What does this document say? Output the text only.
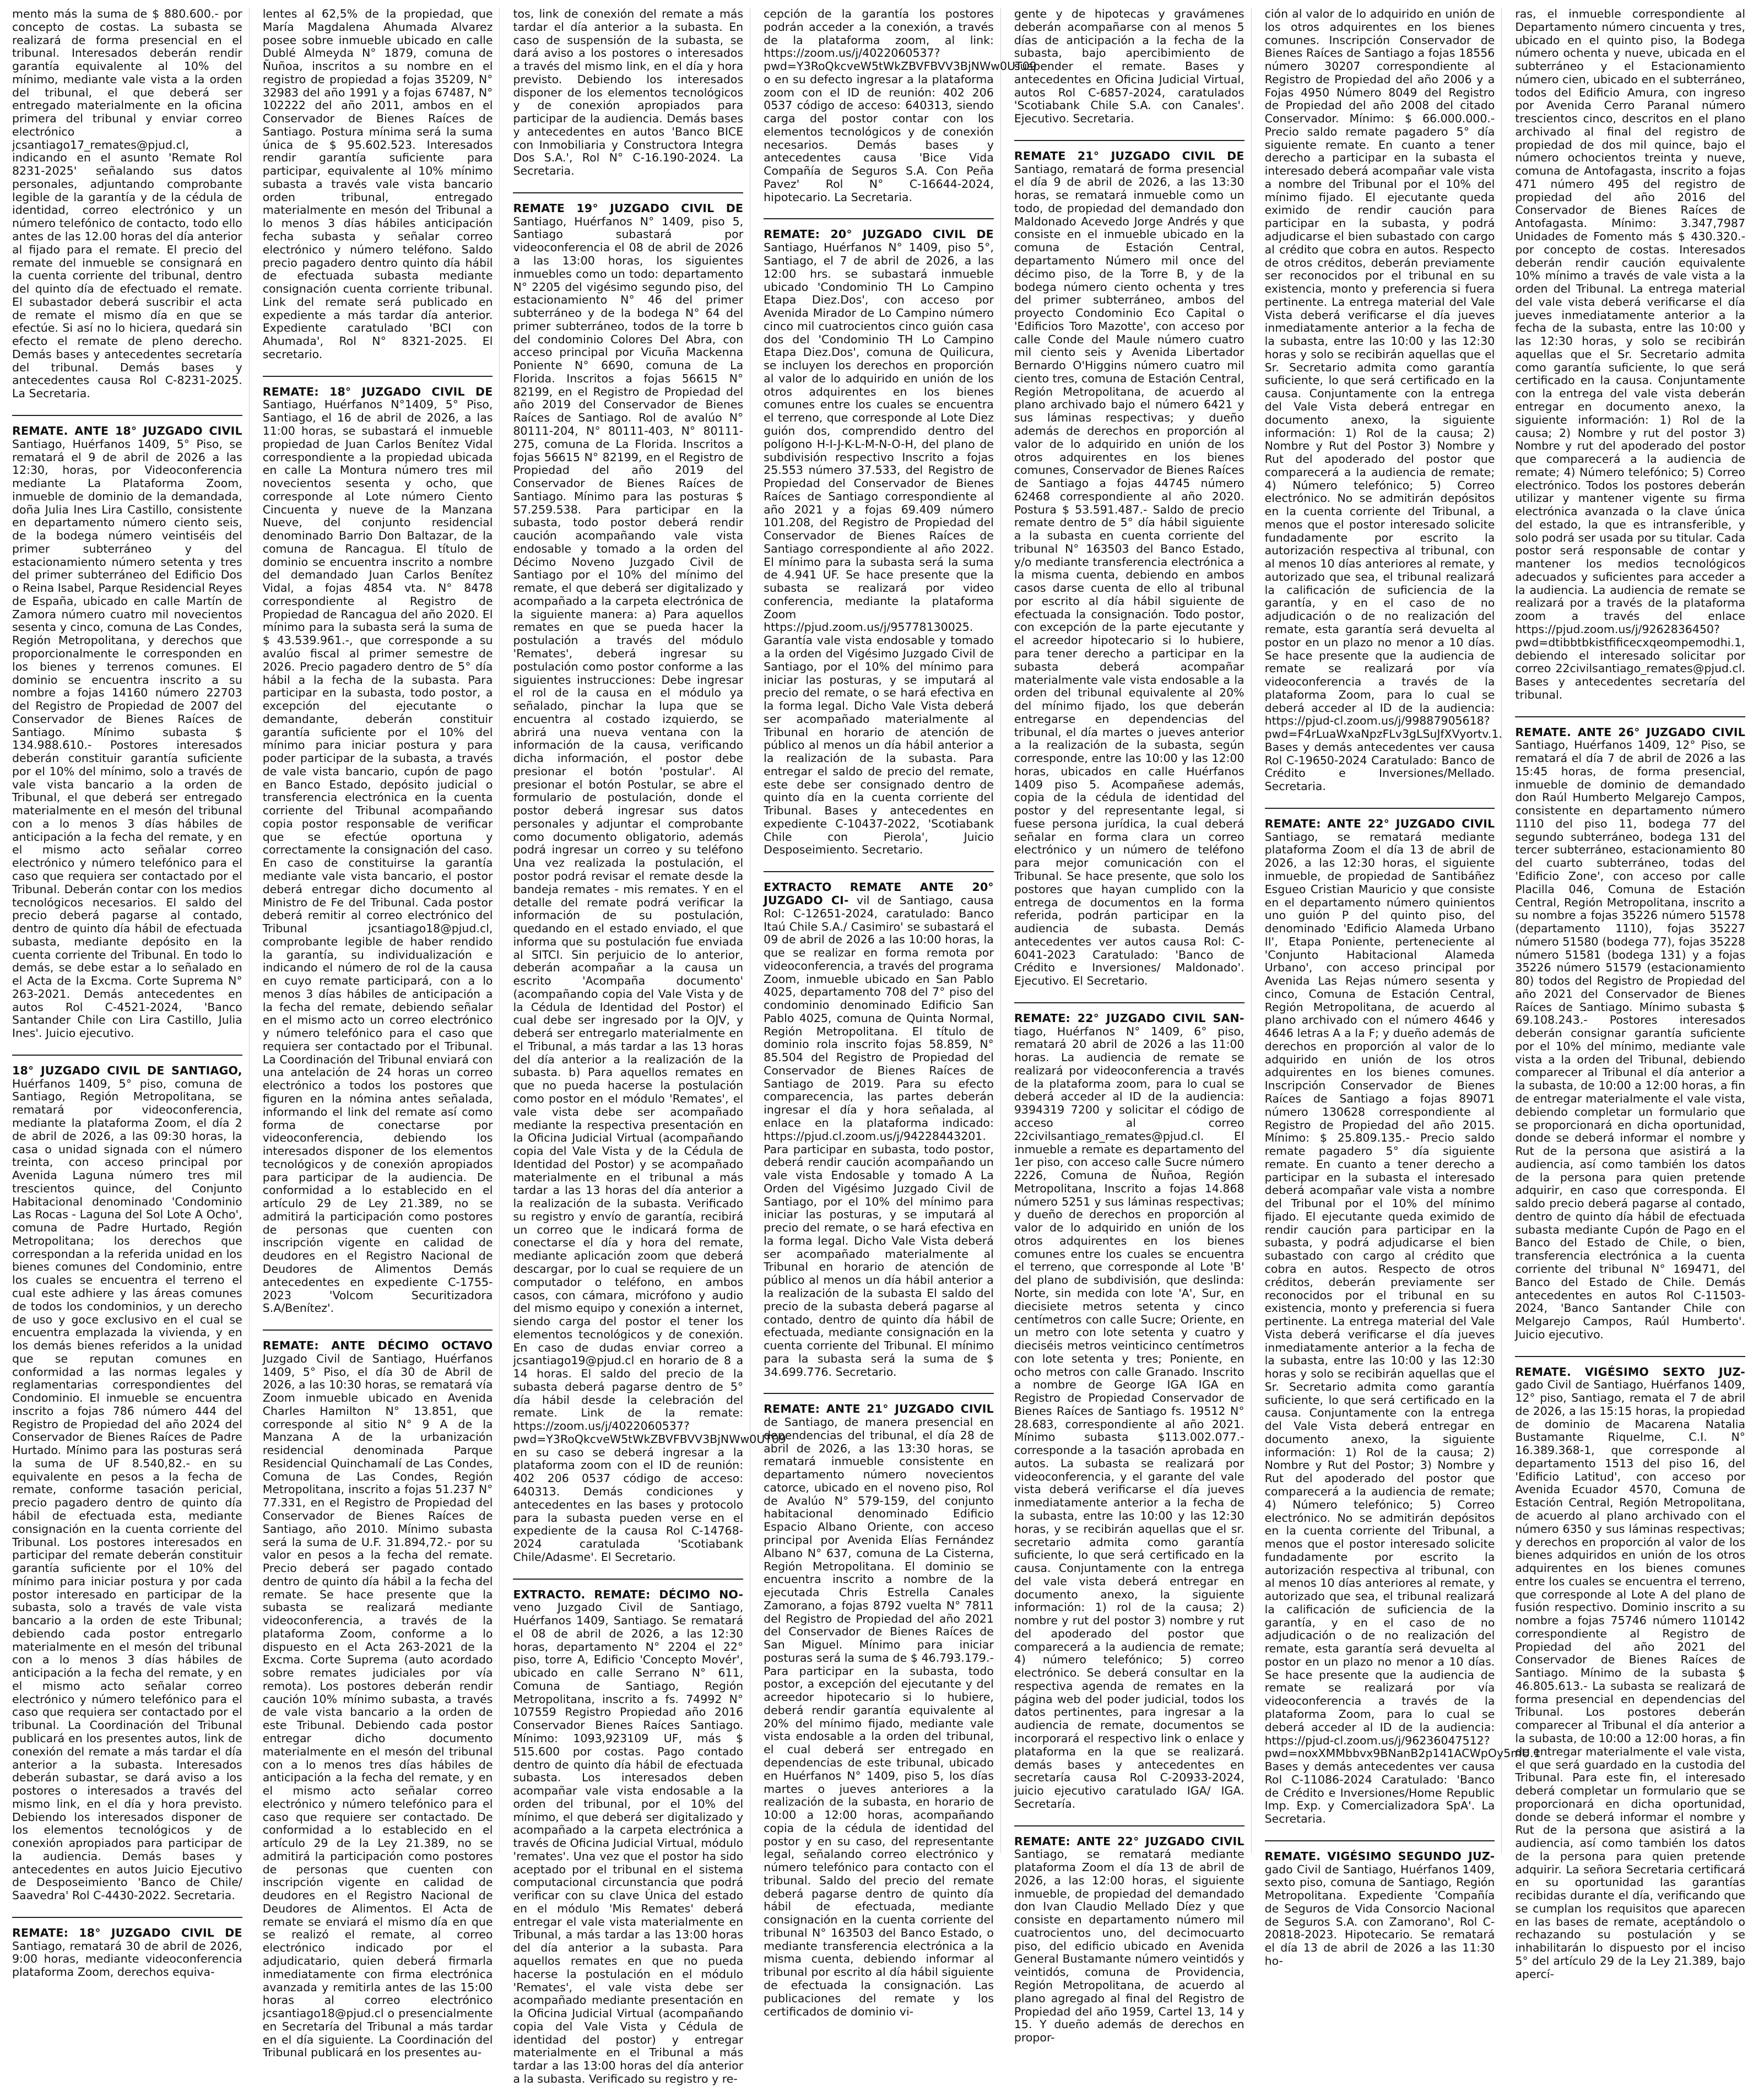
mento más la suma de $ 880.600.- por concepto de costas. La subasta se realizará de forma presencial en el tribunal. Interesados deberán rendir garantía equivalente al 10% del mínimo, mediante vale vista a la orden del tribunal, el que deberá ser entregado materialmente en la oficina primera del tribunal y enviar correo electrónico a jcsantiago17_remates@pjud.cl, indicando en el asunto 'Remate Rol 8231-2025' señalando sus datos personales, adjuntando comprobante legible de la garantía y de la cédula de identidad, correo electrónico y un número telefónico de contacto, todo ello antes de las 12.00 horas del día anterior al fijado para el remate. El precio del remate del inmueble se consignará en la cuenta corriente del tribunal, dentro del quinto día de efectuado el remate. El subastador deberá suscribir el acta de remate el mismo día en que se efectúe. Si así no lo hiciera, quedará sin efecto el remate de pleno derecho. Demás bases y antecedentes secretaría del tribunal. Demás bases y antecedentes causa Rol C-8231-2025. La Secretaria.

REMATE. ANTE 18° JUZGADO CIVIL Santiago, Huérfanos 1409, 5° Piso, se rematará el 9 de abril de 2026 a las 12:30, horas, por Videoconferencia mediante La Plataforma Zoom, inmueble de dominio de la demandada, doña Julia Ines Lira Castillo, consistente en departamento número ciento seis, de la bodega número veintiséis del primer subterráneo y del estacionamiento número setenta y tres del primer subterráneo del Edificio Dos o Reina Isabel, Parque Residencial Reyes de España, ubicado en calle Martín de Zamora número cuatro mil novecientos sesenta y cinco, comuna de Las Condes, Región Metropolitana, y derechos que proporcionalmente le corresponden en los bienes y terrenos comunes. El dominio se encuentra inscrito a su nombre a fojas 14160 número 22703 del Registro de Propiedad de 2007 del Conservador de Bienes Raíces de Santiago. Mínimo subasta $ 134.988.610.- Postores interesados deberán constituir garantía suficiente por el 10% del mínimo, solo a través de vale vista bancario a la orden de Tribunal, el que deberá ser entregado materialmente en el mesón del tribunal con a lo menos 3 días hábiles de anticipación a la fecha del remate, y en el mismo acto señalar correo electrónico y número telefónico para el caso que requiera ser contactado por el Tribunal. Deberán contar con los medios tecnológicos necesarios. El saldo del precio deberá pagarse al contado, dentro de quinto día hábil de efectuada subasta, mediante depósito en la cuenta corriente del Tribunal. En todo lo demás, se debe estar a lo señalado en el Acta de la Excma. Corte Suprema N° 263-2021. Demás antecedentes en autos Rol C-4521-2024, 'Banco Santander Chile con Lira Castillo, Julia Ines'. Juicio ejecutivo.

18° JUZGADO CIVIL DE SANTIAGO, Huérfanos 1409, 5° piso, comuna de Santiago, Región Metropolitana, se rematará por videoconferencia, mediante la plataforma Zoom, el día 2 de abril de 2026, a las 09:30 horas, la casa o unidad signada con el número treinta, con acceso principal por Avenida Laguna número tres mil trescientos quince, del Conjunto Habitacional denominado 'Condominio Las Rocas - Laguna del Sol Lote A Ocho', comuna de Padre Hurtado, Región Metropolitana; los derechos que correspondan a la referida unidad en los bienes comunes del Condominio, entre los cuales se encuentra el terreno el cual este adhiere y las áreas comunes de todos los condominios, y un derecho de uso y goce exclusivo en el cual se encuentra emplazada la vivienda, y en los demás bienes referidos a la unidad que se reputan comunes en conformidad a las normas legales y reglamentarias correspondientes del Condominio. El inmueble se encuentra inscrito a fojas 786 número 444 del Registro de Propiedad del año 2024 del Conservador de Bienes Raíces de Padre Hurtado. Mínimo para las posturas será la suma de UF 8.540,82.- en su equivalente en pesos a la fecha de remate, conforme tasación pericial, precio pagadero dentro de quinto día hábil de efectuada esta, mediante consignación en la cuenta corriente del Tribunal. Los postores interesados en participar del remate deberán constituir garantía suficiente por el 10% del mínimo para iniciar postura y por cada postor interesado en participar de la subasta, solo a través de vale vista bancario a la orden de este Tribunal; debiendo cada postor entregarlo materialmente en el mesón del tribunal con a lo menos 3 días hábiles de anticipación a la fecha del remate, y en el mismo acto señalar correo electrónico y número telefónico para el caso que requiera ser contactado por el tribunal. La Coordinación del Tribunal publicará en los presentes autos, link de conexión del remate a más tardar el día anterior a la subasta. Interesados deberán subastar, se dará aviso a los postores o interesados a través del mismo link, en el día y hora previsto. Debiendo los interesados disponer de los elementos tecnológicos y de conexión apropiados para participar de la audiencia. Demás bases y antecedentes en autos Juicio Ejecutivo de Desposeimiento 'Banco de Chile/ Saavedra' Rol C-4430-2022. Secretaria.

REMATE: 18° JUZGADO CIVIL DE Santiago, rematará 30 de abril de 2026, 9:00 horas, mediante videoconferencia plataforma Zoom, derechos equiva-

lentes al 62,5% de la propiedad, que María Magdalena Ahumada Alvarez posee sobre inmueble ubicado en calle Dublé Almeyda N° 1879, comuna de Ñuñoa, inscritos a su nombre en el registro de propiedad a fojas 35209, N° 32983 del año 1991 y a fojas 67487, N° 102222 del año 2011, ambos en el Conservador de Bienes Raíces de Santiago. Postura mínima será la suma única de $ 95.602.523. Interesados rendir garantía suficiente para participar, equivalente al 10% mínimo subasta a través vale vista bancario orden tribunal, entregado materialmente en mesón del Tribunal a lo menos 3 días hábiles anticipación fecha subasta y señalar correo electrónico y número teléfono. Saldo precio pagadero dentro quinto día hábil de efectuada subasta mediante consignación cuenta corriente tribunal. Link del remate será publicado en expediente a más tardar día anterior. Expediente caratulado 'BCI con Ahumada', Rol N° 8321-2025. El secretario.

REMATE: 18° JUZGADO CIVIL DE Santiago, Huérfanos N°1409, 5° Piso, Santiago, el 16 de abril de 2026, a las 11:00 horas, se subastará el inmueble propiedad de Juan Carlos Benítez Vidal correspondiente a la propiedad ubicada en calle La Montura número tres mil novecientos sesenta y ocho, que corresponde al Lote número Ciento Cincuenta y nueve de la Manzana Nueve, del conjunto residencial denominado Barrio Don Baltazar, de la comuna de Rancagua. El título de dominio se encuentra inscrito a nombre del demandado Juan Carlos Benítez Vidal, a fojas 4854 vta. N° 8478 correspondiente al Registro de Propiedad de Rancagua del año 2020. El mínimo para la subasta será la suma de $ 43.539.961.-, que corresponde a su avalúo fiscal al primer semestre de 2026. Precio pagadero dentro de 5° día hábil a la fecha de la subasta. Para participar en la subasta, todo postor, a excepción del ejecutante o demandante, deberán constituir garantía suficiente por el 10% del mínimo para iniciar postura y para poder participar de la subasta, a través de vale vista bancario, cupón de pago en Banco Estado, depósito judicial o transferencia electrónica en la cuenta corriente del Tribunal acompañando copia postor responsable de verificar que se efectúe oportuna y correctamente la consignación del caso. En caso de constituirse la garantía mediante vale vista bancario, el postor deberá entregar dicho documento al Ministro de Fe del Tribunal. Cada postor deberá remitir al correo electrónico del Tribunal jcsantiago18@pjud.cl, comprobante legible de haber rendido la garantía, su individualización e indicando el número de rol de la causa en cuyo remate participará, con a lo menos 3 días hábiles de anticipación a la fecha del remate, debiendo señalar en el mismo acto un correo electrónico y número telefónico para el caso que requiera ser contactado por el Tribunal. La Coordinación del Tribunal enviará con una antelación de 24 horas un correo electrónico a todos los postores que figuren en la nómina antes señalada, informando el link del remate así como forma de conectarse por videoconferencia, debiendo los interesados disponer de los elementos tecnológicos y de conexión apropiados para participar de la audiencia. De conformidad a lo establecido en el artículo 29 de Ley 21.389, no se admitirá la participación como postores de personas que cuenten con inscripción vigente en calidad de deudores en el Registro Nacional de Deudores de Alimentos Demás antecedentes en expediente C-1755-2023 'Volcom Securitizadora S.A/Benítez'.

REMATE: ANTE DÉCIMO OCTAVO Juzgado Civil de Santiago, Huérfanos 1409, 5° Piso, el día 30 de Abril de 2026, a las 10:30 horas, se rematará vía Zoom inmueble ubicado en Avenida Charles Hamilton N° 13.851, que corresponde al sitio N° 9 A de la Manzana A de la urbanización residencial denominada Parque Residencial Quinchamalí de Las Condes, Comuna de Las Condes, Región Metropolitana, inscrito a fojas 51.237 N° 77.331, en el Registro de Propiedad del Conservador de Bienes Raíces de Santiago, año 2010. Mínimo subasta será la suma de U.F. 31.894,72.- por su valor en pesos a la fecha del remate. Precio deberá ser pagado contado dentro de quinto día hábil a la fecha del remate. Se hace presente que la subasta se realizará mediante videoconferencia, a través de la plataforma Zoom, conforme a lo dispuesto en el Acta 263-2021 de la Excma. Corte Suprema (auto acordado sobre remates judiciales por vía remota). Los postores deberán rendir caución 10% mínimo subasta, a través de vale vista bancario a la orden de este Tribunal. Debiendo cada postor entregar dicho documento materialmente en el mesón del tribunal con a lo menos tres días hábiles de anticipación a la fecha del remate, y en el mismo acto señalar correo electrónico y número telefónico para el caso que requiere ser contactado. De conformidad a lo establecido en el artículo 29 de la Ley 21.389, no se admitirá la participación como postores de personas que cuenten con inscripción vigente en calidad de deudores en el Registro Nacional de Deudores de Alimentos. El Acta de remate se enviará el mismo día en que se realizó el remate, al correo electrónico indicado por el adjudicatario, quien deberá firmarla inmediatamente con firma electrónica avanzada y remitirla antes de las 15:00 horas al correo electrónico jcsantiago18@pjud.cl o presencialmente en Secretaría del Tribunal a más tardar en el día siguiente. La Coordinación del Tribunal publicará en los presentes au-

tos, link de conexión del remate a más tardar el día anterior a la subasta. En caso de suspensión de la subasta, se dará aviso a los postores o interesados a través del mismo link, en el día y hora previsto. Debiendo los interesados disponer de los elementos tecnológicos y de conexión apropiados para participar de la audiencia. Demás bases y antecedentes en autos 'Banco BICE con Inmobiliaria y Constructora Integra Dos S.A.', Rol N° C-16.190-2024. La Secretaria.

REMATE 19° JUZGADO CIVIL DE Santiago, Huérfanos N° 1409, piso 5, Santiago subastará por videoconferencia el 08 de abril de 2026 a las 13:00 horas, los siguientes inmuebles como un todo: departamento N° 2205 del vigésimo segundo piso, del estacionamiento N° 46 del primer subterráneo y de la bodega N° 64 del primer subterráneo, todos de la torre b del condominio Colores Del Abra, con acceso principal por Vicuña Mackenna Poniente N° 6690, comuna de La Florida. Inscritos a fojas 56615 N° 82199, en el Registro de Propiedad del año 2019 del Conservador de Bienes Raíces de Santiago. Rol de avalúo N° 80111-204, N° 80111-403, N° 80111-275, comuna de La Florida. Inscritos a fojas 56615 N° 82199, en el Registro de Propiedad del año 2019 del Conservador de Bienes Raíces de Santiago. Mínimo para las posturas $ 57.259.538. Para participar en la subasta, todo postor deberá rendir caución acompañando vale vista endosable y tomado a la orden del Décimo Noveno Juzgado Civil de Santiago por el 10% del mínimo del remate, el que deberá ser digitalizado y acompañado a la carpeta electrónica de la siguiente manera: a) Para aquellos remates en que se pueda hacer la postulación a través del módulo 'Remates', deberá ingresar su postulación como postor conforme a las siguientes instrucciones: Debe ingresar el rol de la causa en el módulo ya señalado, pinchar la lupa que se encuentra al costado izquierdo, se abrirá una nueva ventana con la información de la causa, verificando dicha información, el postor debe presionar el botón 'postular'. Al presionar el botón Postular, se abre el formulario de postulación, donde el postor deberá ingresar sus datos personales y adjuntar el comprobante como documento obligatorio, además podrá ingresar un correo y su teléfono Una vez realizada la postulación, el postor podrá revisar el remate desde la bandeja remates - mis remates. Y en el detalle del remate podrá verificar la información de su postulación, quedando en el estado enviado, el que informa que su postulación fue enviada al SITCI. Sin perjuicio de lo anterior, deberán acompañar a la causa un escrito 'Acompaña documento' (acompañando copia del Vale Vista y de la Cédula de Identidad del Postor) el cual debe ser ingresado por la OJV, y deberá ser entregarlo materialmente en el Tribunal, a más tardar a las 13 horas del día anterior a la realización de la subasta. b) Para aquellos remates en que no pueda hacerse la postulación como postor en el módulo 'Remates', el vale vista debe ser acompañado mediante la respectiva presentación en la Oficina Judicial Virtual (acompañando copia del Vale Vista y de la Cédula de Identidad del Postor) y se acompañado materialmente en el tribunal a más tardar a las 13 horas del día anterior a la realización de la subasta. Verificado su registro y envío de garantía, recibirá un correo que le indicará forma de conectarse el día y hora del remate, mediante aplicación zoom que deberá descargar, por lo cual se requiere de un computador o teléfono, en ambos casos, con cámara, micrófono y audio del mismo equipo y conexión a internet, siendo carga del postor el tener los elementos tecnológicos y de conexión. En caso de dudas enviar correo a jcsantiago19@pjud.cl en horario de 8 a 14 horas. El saldo del precio de la subasta deberá pagarse dentro de 5° día hábil desde la celebración del remate. Link de la remate: https://zoom.us/j/4022060537?pwd=Y3RoQkcveW5tWkZBVFBVV3BjNWw0UT09 en su caso se deberá ingresar a la plataforma zoom con el ID de reunión: 402 206 0537 código de acceso: 640313. Demás condiciones y antecedentes en las bases y protocolo para la subasta pueden verse en el expediente de la causa Rol C-14768-2024 caratulada 'Scotiabank Chile/Adasme'. El Secretario.

EXTRACTO. REMATE: DÉCIMO NO- veno Juzgado Civil de Santiago, Huérfanos 1409, Santiago. Se rematará el 08 de abril de 2026, a las 12:30 horas, departamento N° 2204 el 22° piso, torre A, Edificio 'Concepto Movér', ubicado en calle Serrano N° 611, Comuna de Santiago, Región Metropolitana, inscrito a fs. 74992 N° 107559 Registro Propiedad año 2016 Conservador Bienes Raíces Santiago. Mínimo: 1093,923109 UF, más $ 515.600 por costas. Pago contado dentro de quinto día hábil de efectuada subasta. Los interesados deben acompañar vale vista endosable a la orden del tribunal, por el 10% del mínimo, el que deberá ser digitalizado y acompañado a la carpeta electrónica a través de Oficina Judicial Virtual, módulo 'remates'. Una vez que el postor ha sido aceptado por el tribunal en el sistema computacional circunstancia que podrá verificar con su clave Única del estado en el módulo 'Mis Remates' deberá entregar el vale vista materialmente en Tribunal, a más tardar a las 13:00 horas del día anterior a la subasta. Para aquellos remates en que no pueda hacerse la postulación en el módulo 'Remates', el vale vista debe ser acompañado mediante presentación en la Oficina Judicial Virtual (acompañando copia del Vale Vista y Cédula de identidad del postor) y entregar materialmente en el Tribunal a más tardar a las 13:00 horas del día anterior a la subasta. Verificado su registro y re-

cepción de la garantía los postores podrán acceder a la conexión, a través de la plataforma zoom, al link: https://zoom.us/j/4022060537?pwd=Y3RoQkcveW5tWkZBVFBVV3BjNWw0UT09 o en su defecto ingresar a la plataforma zoom con el ID de reunión: 402 206 0537 código de acceso: 640313, siendo carga del postor contar con los elementos tecnológicos y de conexión necesarios. Demás bases y antecedentes causa 'Bice Vida Compañía de Seguros S.A. Con Peña Pavez' Rol N° C-16644-2024, hipotecario. La Secretaria.

REMATE: 20° JUZGADO CIVIL DE Santiago, Huérfanos N° 1409, piso 5°, Santiago, el 7 de abril de 2026, a las 12:00 hrs. se subastará inmueble ubicado 'Condominio TH Lo Campino Etapa Diez.Dos', con acceso por Avenida Mirador de Lo Campino número cinco mil cuatrocientos cinco guión casa dos del 'Condominio TH Lo Campino Etapa Diez.Dos', comuna de Quilicura, se incluyen los derechos en proporción al valor de lo adquirido en unión de los otros adquirentes en los bienes comunes entre los cuales se encuentra el terreno, que corresponde al Lote Diez guión dos, comprendido dentro del polígono H-I-J-K-L-M-N-O-H, del plano de subdivisión respectivo Inscrito a fojas 25.553 número 37.533, del Registro de Propiedad del Conservador de Bienes Raíces de Santiago correspondiente al año 2021 y a fojas 69.409 número 101.208, del Registro de Propiedad del Conservador de Bienes Raíces de Santiago correspondiente al año 2022. El mínimo para la subasta será la suma de 4.941 UF. Se hace presente que la subasta se realizará por video conferencia, mediante la plataforma Zoom https://pjud.zoom.us/j/95778130025. Garantía vale vista endosable y tomado a la orden del Vigésimo Juzgado Civil de Santiago, por el 10% del mínimo para iniciar las posturas, y se imputará al precio del remate, o se hará efectiva en la forma legal. Dicho Vale Vista deberá ser acompañado materialmente al Tribunal en horario de atención de público al menos un día hábil anterior a la realización de la subasta. Para entregar el saldo de precio del remate, este debe ser consignado dentro de quinto día en la cuenta corriente del Tribunal. Bases y antecedentes en expediente C-10437-2022, 'Scotiabank Chile con Pierola', Juicio Desposeimiento. Secretario.

EXTRACTO REMATE ANTE 20° JUZGADO CI- vil de Santiago, causa Rol: C-12651-2024, caratulado: Banco Itaú Chile S.A./ Casimiro' se subastará el 09 de abril de 2026 a las 10:00 horas, la que se realizar en forma remota por videoconferencia, a través del programa Zoom, inmueble ubicado en San Pablo 4025, departamento 708 del 7° piso del condominio denominado Edificio San Pablo 4025, comuna de Quinta Normal, Región Metropolitana. El título de dominio rola inscrito fojas 58.859, N° 85.504 del Registro de Propiedad del Conservador de Bienes Raíces de Santiago de 2019. Para su efecto comparecencia, las partes deberán ingresar el día y hora señalada, al enlace en la plataforma indicado: https://pjud.cl.zoom.us/j/94228443201. Para participar en subasta, todo postor, deberá rendir caución acompañando un vale vista Endosable y tomado A La Orden del Vigésimo Juzgado Civil de Santiago, por el 10% del mínimo para iniciar las posturas, y se imputará al precio del remate, o se hará efectiva en la forma legal. Dicho Vale Vista deberá ser acompañado materialmente al Tribunal en horario de atención de público al menos un día hábil anterior a la realización de la subasta El saldo del precio de la subasta deberá pagarse al contado, dentro de quinto día hábil de efectuada, mediante consignación en la cuenta corriente del Tribunal. El mínimo para la subasta será la suma de $ 34.699.776. Secretario.

REMATE: ANTE 21° JUZGADO CIVIL de Santiago, de manera presencial en dependencias del tribunal, el día 28 de abril de 2026, a las 13:30 horas, se rematará inmueble consistente en departamento número novecientos catorce, ubicado en el noveno piso, Rol de Avalúo N° 579-159, del conjunto habitacional denominado Edificio Espacio Albano Oriente, con acceso principal por Avenida Elías Fernández Albano N° 637, comuna de La Cisterna, Región Metropolitana. El dominio se encuentra inscrito a nombre de la ejecutada Chris Estrella Canales Zamorano, a fojas 8792 vuelta N° 7811 del Registro de Propiedad del año 2021 del Conservador de Bienes Raíces de San Miguel. Mínimo para iniciar posturas será la suma de $ 46.793.179.- Para participar en la subasta, todo postor, a excepción del ejecutante y del acreedor hipotecario si lo hubiere, deberá rendir garantía equivalente al 20% del mínimo fijado, mediante vale vista endosable a la orden del tribunal, el cual deberá ser entregado en dependencias de este tribunal, ubicado en Huérfanos N° 1409, piso 5, los días martes o jueves anteriores a la realización de la subasta, en horario de 10:00 a 12:00 horas, acompañando copia de la cédula de identidad del postor y en su caso, del representante legal, señalando correo electrónico y número telefónico para contacto con el tribunal. Saldo del precio del remate deberá pagarse dentro de quinto día hábil de efectuada, mediante consignación en la cuenta corriente del tribunal N° 163503 del Banco Estado, o mediante transferencia electrónica a la misma cuenta, debiendo informar al tribunal por escrito al día hábil siguiente de efectuada la consignación. Las publicaciones del remate y los certificados de dominio vi-

gente y de hipotecas y gravámenes deberán acompañarse con al menos 5 días de anticipación a la fecha de la subasta, bajo apercibimiento de suspender el remate. Bases y antecedentes en Oficina Judicial Virtual, autos Rol C-6857-2024, caratulados 'Scotiabank Chile S.A. con Canales'. Ejecutivo. Secretaria.

REMATE 21° JUZGADO CIVIL DE Santiago, rematará de forma presencial el día 9 de abril de 2026, a las 13:30 horas, se rematará inmueble como un todo, de propiedad del demandado don Maldonado Acevedo Jorge Andrés y que consiste en el inmueble ubicado en la comuna de Estación Central, departamento Número mil once del décimo piso, de la Torre B, y de la bodega número ciento ochenta y tres del primer subterráneo, ambos del proyecto Condominio Eco Capital o 'Edificios Toro Mazotte', con acceso por calle Conde del Maule número cuatro mil ciento seis y Avenida Libertador Bernardo O'Higgins número cuatro mil ciento tres, comuna de Estación Central, Región Metropolitana, de acuerdo al plano archivado bajo el número 6421 y sus láminas respectivas; y dueño además de derechos en proporción al valor de lo adquirido en unión de los otros adquirentes en los bienes comunes, Conservador de Bienes Raíces de Santiago a fojas 44745 número 62468 correspondiente al año 2020. Postura $ 53.591.487.- Saldo de precio remate dentro de 5° día hábil siguiente a la subasta en cuenta corriente del tribunal N° 163503 del Banco Estado, y/o mediante transferencia electrónica a la misma cuenta, debiendo en ambos casos darse cuenta de ello al tribunal por escrito al día hábil siguiente de efectuada la consignación. Todo postor, con excepción de la parte ejecutante y el acreedor hipotecario si lo hubiere, para tener derecho a participar en la subasta deberá acompañar materialmente vale vista endosable a la orden del tribunal equivalente al 20% del mínimo fijado, los que deberán entregarse en dependencias del tribunal, el día martes o jueves anterior a la realización de la subasta, según corresponde, entre las 10:00 y las 12:00 horas, ubicados en calle Huérfanos 1409 piso 5. Acompañese además, copia de la cédula de identidad del postor y del representante legal, si fuese persona jurídica, la cual deberá señalar en forma clara un correo electrónico y un número de teléfono para mejor comunicación con el Tribunal. Se hace presente, que solo los postores que hayan cumplido con la entrega de documentos en la forma referida, podrán participar en la audiencia de subasta. Demás antecedentes ver autos causa Rol: C-6041-2023 Caratulado: 'Banco de Crédito e Inversiones/ Maldonado'. Ejecutivo. El Secretario.

REMATE: 22° JUZGADO CIVIL SAN- tiago, Huérfanos N° 1409, 6° piso, rematará 20 abril de 2026 a las 11:00 horas. La audiencia de remate se realizará por videoconferencia a través de la plataforma zoom, para lo cual se deberá acceder al ID de la audiencia: 9394319 7200 y solicitar el código de acceso al correo 22civilsantiago_remates@pjud.cl. El inmueble a remate es departamento del 1er piso, con acceso calle Sucre número 2226, Comuna de Ñuñoa, Región Metropolitana, Inscrito a fojas 14.868 número 5251 y sus láminas respectivas; y dueño de derechos en proporción al valor de lo adquirido en unión de los otros adquirentes en los bienes comunes entre los cuales se encuentra el terreno, que corresponde al Lote 'B' del plano de subdivisión, que deslinda: Norte, sin medida con lote 'A', Sur, en diecisiete metros setenta y cinco centímetros con calle Sucre; Oriente, en un metro con lote setenta y cuatro y dieciséis metros veinticinco centímetros con lote setenta y tres; Poniente, en ocho metros con calle Granado. Inscrito a nombre de George IGA IGA en Registro de Propiedad Conservador de Bienes Raíces de Santiago fs. 19512 N° 28.683, correspondiente al año 2021. Mínimo subasta $113.002.077.- corresponde a la tasación aprobada en autos. La subasta se realizará por videoconferencia, y el garante del vale vista deberá verificarse el día jueves inmediatamente anterior a la fecha de la subasta, entre las 10:00 y las 12:30 horas, y se recibirán aquellas que el sr. secretario admita como garantía suficiente, lo que será certificado en la causa. Conjuntamente con la entrega del vale vista deberá entregar en documento anexo, la siguiente información: 1) rol de la causa; 2) nombre y rut del postor 3) nombre y rut del apoderado del postor que comparecerá a la audiencia de remate; 4) número telefónico; 5) correo electrónico. Se deberá consultar en la respectiva agenda de remates en la página web del poder judicial, todos los datos pertinentes, para ingresar a la audiencia de remate, documentos se incorporará el respectivo link o enlace y plataforma en la que se realizará. demás bases y antecedentes en secretaría causa Rol C-20933-2024, juicio ejecutivo caratulado IGA/ IGA. Secretaría.

REMATE: ANTE 22° JUZGADO CIVIL Santiago, se rematará mediante plataforma Zoom el día 13 de abril de 2026, a las 12:00 horas, el siguiente inmueble, de propiedad del demandado don Ivan Claudio Mellado Díez y que consiste en departamento número mil cuatrocientos uno, del decimocuarto piso, del edificio ubicado en Avenida General Bustamante número veintidós y veintidós, comuna de Providencia, Región Metropolitana, de acuerdo al plano agregado al final del Registro de Propiedad del año 1959, Cartel 13, 14 y 15. Y dueño además de derechos en propor-

ción al valor de lo adquirido en unión de los otros adquirentes en los bienes comunes. Inscripción Conservador de Bienes Raíces de Santiago a fojas 18556 número 30207 correspondiente al Registro de Propiedad del año 2006 y a Fojas 4950 Número 8049 del Registro de Propiedad del año 2008 del citado Conservador. Mínimo: $ 66.000.000.- Precio saldo remate pagadero 5° día siguiente remate. En cuanto a tener derecho a participar en la subasta el interesado deberá acompañar vale vista a nombre del Tribunal por el 10% del mínimo fijado. El ejecutante queda eximido de rendir caución para participar en la subasta, y podrá adjudicarse el bien subastado con cargo al crédito que cobra en autos. Respecto de otros créditos, deberán previamente ser reconocidos por el tribunal en su existencia, monto y preferencia si fuera pertinente. La entrega material del Vale Vista deberá verificarse el día jueves inmediatamente anterior a la fecha de la subasta, entre las 10:00 y las 12:30 horas y solo se recibirán aquellas que el Sr. Secretario admita como garantía suficiente, lo que será certificado en la causa. Conjuntamente con la entrega del Vale Vista deberá entregar en documento anexo, la siguiente información: 1) Rol de la causa; 2) Nombre y Rut del Postor 3) Nombre y Rut del apoderado del postor que comparecerá a la audiencia de remate; 4) Número telefónico; 5) Correo electrónico. No se admitirán depósitos en la cuenta corriente del Tribunal, a menos que el postor interesado solicite fundadamente por escrito la autorización respectiva al tribunal, con al menos 10 días anteriores al remate, y autorizado que sea, el tribunal realizará la calificación de suficiencia de la garantía, y en el caso de no adjudicación o de no realización del remate, esta garantía será devuelta al postor en un plazo no menor a 10 días. Se hace presente que la audiencia de remate se realizará por vía videoconferencia a través de la plataforma Zoom, para lo cual se deberá acceder al ID de la audiencia: https://pjud-cl.zoom.us/j/99887905618?pwd=F4rLuaWxaNpzFLv3gLSuJfXVyortv.1. Bases y demás antecedentes ver causa Rol C-19650-2024 Caratulado: Banco de Crédito e Inversiones/Mellado. Secretaria.

REMATE: ANTE 22° JUZGADO CIVIL Santiago, se rematará mediante plataforma Zoom el día 13 de abril de 2026, a las 12:30 horas, el siguiente inmueble, de propiedad de Santibáñez Esgueo Cristian Mauricio y que consiste en el departamento número quinientos uno guión P del quinto piso, del denominado 'Edificio Alameda Urbano II', Etapa Poniente, perteneciente al 'Conjunto Habitacional Alameda Urbano', con acceso principal por Avenida Las Rejas número sesenta y cinco, Comuna de Estación Central, Región Metropolitana, de acuerdo al plano archivado con el número 4646 y 4646 letras A a la F; y dueño además de derechos en proporción al valor de lo adquirido en unión de los otros adquirentes en los bienes comunes. Inscripción Conservador de Bienes Raíces de Santiago a fojas 89071 número 130628 correspondiente al Registro de Propiedad del año 2015. Mínimo: $ 25.809.135.- Precio saldo remate pagadero 5° día siguiente remate. En cuanto a tener derecho a participar en la subasta el interesado deberá acompañar vale vista a nombre del Tribunal por el 10% del mínimo fijado. El ejecutante queda eximido de rendir caución para participar en la subasta, y podrá adjudicarse el bien subastado con cargo al crédito que cobra en autos. Respecto de otros créditos, deberán previamente ser reconocidos por el tribunal en su existencia, monto y preferencia si fuera pertinente. La entrega material del Vale Vista deberá verificarse el día jueves inmediatamente anterior a la fecha de la subasta, entre las 10:00 y las 12:30 horas y solo se recibirán aquellas que el Sr. Secretario admita como garantía suficiente, lo que será certificado en la causa. Conjuntamente con la entrega del Vale Vista deberá entregar en documento anexo, la siguiente información: 1) Rol de la causa; 2) Nombre y Rut del Postor; 3) Nombre y Rut del apoderado del postor que comparecerá a la audiencia de remate; 4) Número telefónico; 5) Correo electrónico. No se admitirán depósitos en la cuenta corriente del Tribunal, a menos que el postor interesado solicite fundadamente por escrito la autorización respectiva al tribunal, con al menos 10 días anteriores al remate, y autorizado que sea, el tribunal realizará la calificación de suficiencia de la garantía, y en el caso de no adjudicación o de no realización del remate, esta garantía será devuelta al postor en un plazo no menor a 10 días. Se hace presente que la audiencia de remate se realizará por vía videoconferencia a través de la plataforma Zoom, para lo cual se deberá acceder al ID de la audiencia: https://pjud-cl.zoom.us/j/96236047512?pwd=noxXMMbbvx9BNanB2p141ACWpOy5mU.1 Bases y demás antecedentes ver causa Rol C-11086-2024 Caratulado: 'Banco de Crédito e Inversiones/Home Republic Imp. Exp. y Comercializadora SpA'. La Secretaria.

REMATE. VIGÉSIMO SEGUNDO JUZ- gado Civil de Santiago, Huérfanos 1409, sexto piso, comuna de Santiago, Región Metropolitana. Expediente 'Compañía de Seguros de Vida Consorcio Nacional de Seguros S.A. con Zamorano', Rol C-20818-2023. Hipotecario. Se rematará el día 13 de abril de 2026 a las 11:30 ho-

ras, el inmueble correspondiente al Departamento número cincuenta y tres, ubicado en el quinto piso, la Bodega número ochenta y nueve, ubicada en el subterráneo y el Estacionamiento número cien, ubicado en el subterráneo, todos del Edificio Amura, con ingreso por Avenida Cerro Paranal número trescientos cinco, descritos en el plano archivado al final del registro de propiedad de dos mil quince, bajo el número ochocientos treinta y nueve, comuna de Antofagasta, inscrito a fojas 471 número 495 del registro de propiedad del año 2016 del Conservador de Bienes Raíces de Antofagasta. Mínimo: 3.347,7987 Unidades de Fomento más $ 430.320.- por concepto de costas. Interesados deberán rendir caución equivalente 10% mínimo a través de vale vista a la orden del Tribunal. La entrega material del vale vista deberá verificarse el día jueves inmediatamente anterior a la fecha de la subasta, entre las 10:00 y las 12:30 horas, y solo se recibirán aquellas que el Sr. Secretario admita como garantía suficiente, lo que será certificado en la causa. Conjuntamente con la entrega del vale vista deberán entregar en documento anexo, la siguiente información: 1) Rol de la causa; 2) Nombre y rut del postor 3) Nombre y rut del apoderado del postor que comparecerá a la audiencia de remate; 4) Número telefónico; 5) Correo electrónico. Todos los postores deberán utilizar y mantener vigente su firma electrónica avanzada o la clave única del estado, la que es intransferible, y solo podrá ser usada por su titular. Cada postor será responsable de contar y mantener los medios tecnológicos adecuados y suficientes para acceder a la audiencia. La audiencia de remate se realizará por a través de la plataforma zoom a través del enlace https://pjud.zoom.us/j/9262836450? pwd=dtibbtbkistfificecxqeompemodhi.1, debiendo el interesado solicitar por correo 22civilsantiago_remates@pjud.cl. Bases y antecedentes secretaría del tribunal.

REMATE. ANTE 26° JUZGADO CIVIL Santiago, Huérfanos 1409, 12° Piso, se rematará el día 7 de abril de 2026 a las 15:45 horas, de forma presencial, inmueble de dominio de demandado don Raúl Humberto Melgarejo Campos, consistente en departamento número 1110 del piso 11, bodega 77 del segundo subterráneo, bodega 131 del tercer subterráneo, estacionamiento 80 del cuarto subterráneo, todas del 'Edificio Zone', con acceso por calle Placilla 046, Comuna de Estación Central, Región Metropolitana, inscrito a su nombre a fojas 35226 número 51578 (departamento 1110), fojas 35227 número 51580 (bodega 77), fojas 35228 número 51581 (bodega 131) y a fojas 35226 número 51579 (estacionamiento 80) todos del Registro de Propiedad del año 2021 del Conservador de Bienes Raíces de Santiago. Mínimo subasta $ 69.108.243.- Postores interesados deberán consignar garantía suficiente por el 10% del mínimo, mediante vale vista a la orden del Tribunal, debiendo comparecer al Tribunal el día anterior a la subasta, de 10:00 a 12:00 horas, a fin de entregar materialmente el vale vista, debiendo completar un formulario que se proporcionará en dicha oportunidad, donde se deberá informar el nombre y Rut de la persona que asistirá a la audiencia, así como también los datos de la persona para quien pretende adquirir, en caso que corresponda. El saldo precio deberá pagarse al contado, dentro de quinto día hábil de efectuada subasta mediante Cupón de Pago en el Banco del Estado de Chile, o bien, transferencia electrónica a la cuenta corriente del tribunal N° 169471, del Banco del Estado de Chile. Demás antecedentes en autos Rol C-11503-2024, 'Banco Santander Chile con Melgarejo Campos, Raúl Humberto'. Juicio ejecutivo.

REMATE. VIGÉSIMO SEXTO JUZ- gado Civil de Santiago, Huérfanos 1409, 12° piso, Santiago, remata el 7 de abril de 2026, a las 15:15 horas, la propiedad de dominio de Macarena Natalia Bustamante Riquelme, C.I. N° 16.389.368-1, que corresponde al departamento 1513 del piso 16, del 'Edificio Latitud', con acceso por Avenida Ecuador 4570, Comuna de Estación Central, Región Metropolitana, de acuerdo al plano archivado con el número 6350 y sus láminas respectivas; y derechos en proporción al valor de los bienes adquiridos en unión de los otros adquirentes en los bienes comunes entre los cuales se encuentra el terreno, que corresponde al Lote A del plano de fusión respectivo. Dominio inscrito a su nombre a fojas 75746 número 110142 correspondiente al Registro de Propiedad del año 2021 del Conservador de Bienes Raíces de Santiago. Mínimo de la subasta $ 46.805.613.- La subasta se realizará de forma presencial en dependencias del Tribunal. Los postores deberán comparecer al Tribunal el día anterior a la subasta, de 10:00 a 12:00 horas, a fin de entregar materialmente el vale vista, el que será guardado en la custodia del Tribunal. Para este fin, el interesado deberá completar un formulario que se proporcionará en dicha oportunidad, donde se deberá informar el nombre y Rut de la persona que asistirá a la audiencia, así como también los datos de la persona para quien pretende adquirir. La señora Secretaria certificará en su oportunidad las garantías recibidas durante el día, verificando que se cumplan los requisitos que aparecen en las bases de remate, aceptándolo o rechazando su postulación y se inhabilitarán lo dispuesto por el inciso 5° del artículo 29 de la Ley 21.389, bajo apercí-
